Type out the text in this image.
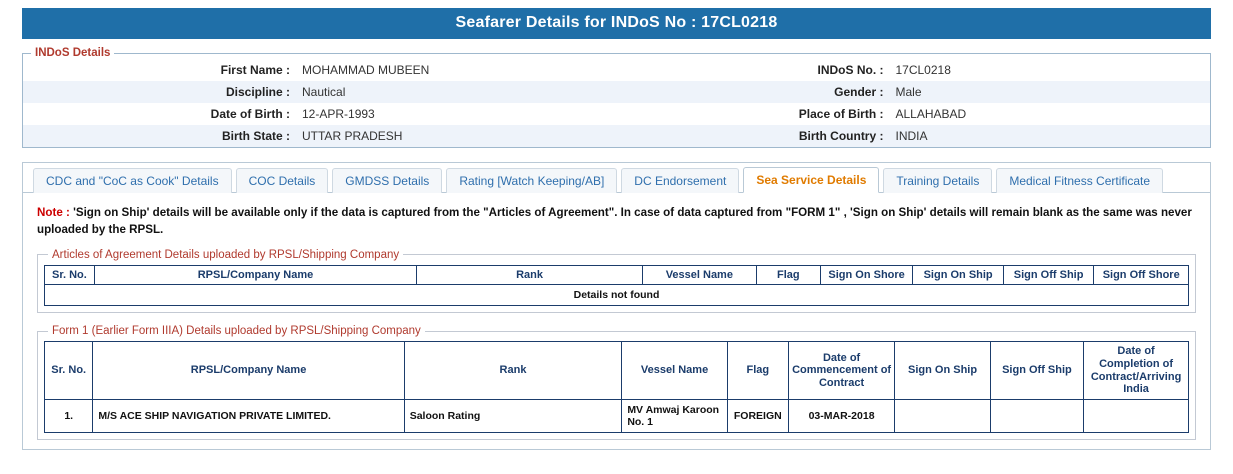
Seafarer Details for INDoS No : 17CL0218
INDoS Details
First Name :	MOHAMMAD MUBEEN	INDoS No. :	17CL0218
Discipline :	Nautical	Gender :	Male
Date of Birth :	12-APR-1993	Place of Birth :	ALLAHABAD
Birth State :	UTTAR PRADESH	Birth Country :	INDIA
CDC and "CoC as Cook" Details	COC Details	GMDSS Details	Rating [Watch Keeping/AB]	DC Endorsement	Sea Service Details	Training Details	Medical Fitness Certificate
Note : 'Sign on Ship' details will be available only if the data is captured from the "Articles of Agreement". In case of data captured from "FORM 1" , 'Sign on Ship' details will remain blank as the same was never uploaded by the RPSL.
Articles of Agreement Details uploaded by RPSL/Shipping Company
Sr. No.	RPSL/Company Name	Rank	Vessel Name	Flag	Sign On Shore	Sign On Ship	Sign Off Ship	Sign Off Shore
Details not found
Form 1 (Earlier Form IIIA) Details uploaded by RPSL/Shipping Company
Sr. No.	RPSL/Company Name	Rank	Vessel Name	Flag	Date of Commencement of Contract	Sign On Ship	Sign Off Ship	Date of Completion of Contract/Arriving India
1.	M/S ACE SHIP NAVIGATION PRIVATE LIMITED.	Saloon Rating	MV Amwaj Karoon No. 1	FOREIGN	03-MAR-2018			
